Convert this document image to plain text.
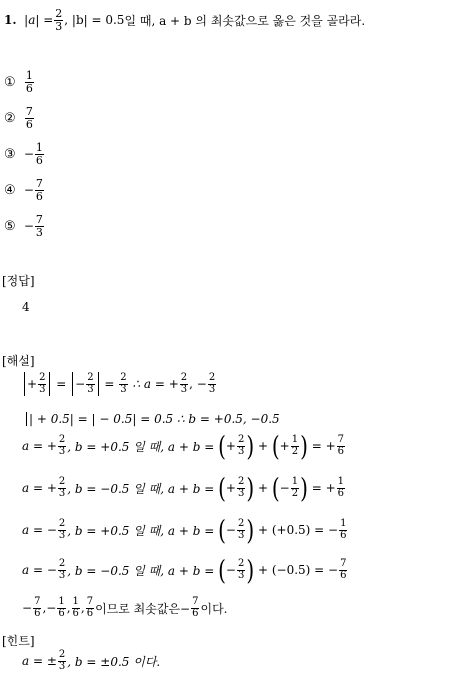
1.
$|a| = \frac{2}{3}$ , |b| = 0.5 일 때, a + b 의 최솟값으로 옳은 것을 골라라.
①
$\frac{1}{6}$
②
$\frac{7}{6}$
③
− $\frac{1}{6}$
④
− $\frac{7}{6}$
⑤
− $\frac{7}{3}$
[정답]
4
[해설]
+ $\frac{2}{3}$ =
− $\frac{2}{3} = \frac{2}{3}$
∴ a = + $\frac{2}{3}$ , − $\frac{2}{3}$
| + 0.5| = | − 0.5| = 0.5 ∴ b = +0.5, −0.5
a = + $\frac{2}{3}$ , b = +0.5 일 때, a + b =
( + $\frac{2}{3}$ ) + ( + $\frac{1}{2}$ )
= + $\frac{7}{6}$
a = + $\frac{2}{3}$ , b = −0.5 일 때, a + b =
( + $\frac{2}{3}$ ) + ( − $\frac{1}{2}$ )
= + $\frac{1}{6}$
a = − $\frac{2}{3}$ , b = +0.5 일 때, a + b =
( − $\frac{2}{3}$ )
+ (+0.5) = − $\frac{1}{6}$
a = − $\frac{2}{3}$ , b = −0.5 일 때, a + b =
( − $\frac{2}{3}$ )
+ (−0.5) = − $\frac{7}{6}$
− $\frac{7}{6}$ ,− $\frac{1}{6}$ , $\frac{1}{6}$ , $\frac{7}{6}$ 이므로 최솟값은− $\frac{7}{6}$ 이다.
[힌트]
a = ± $\frac{2}{3}$ , b = ±0.5 이다.
